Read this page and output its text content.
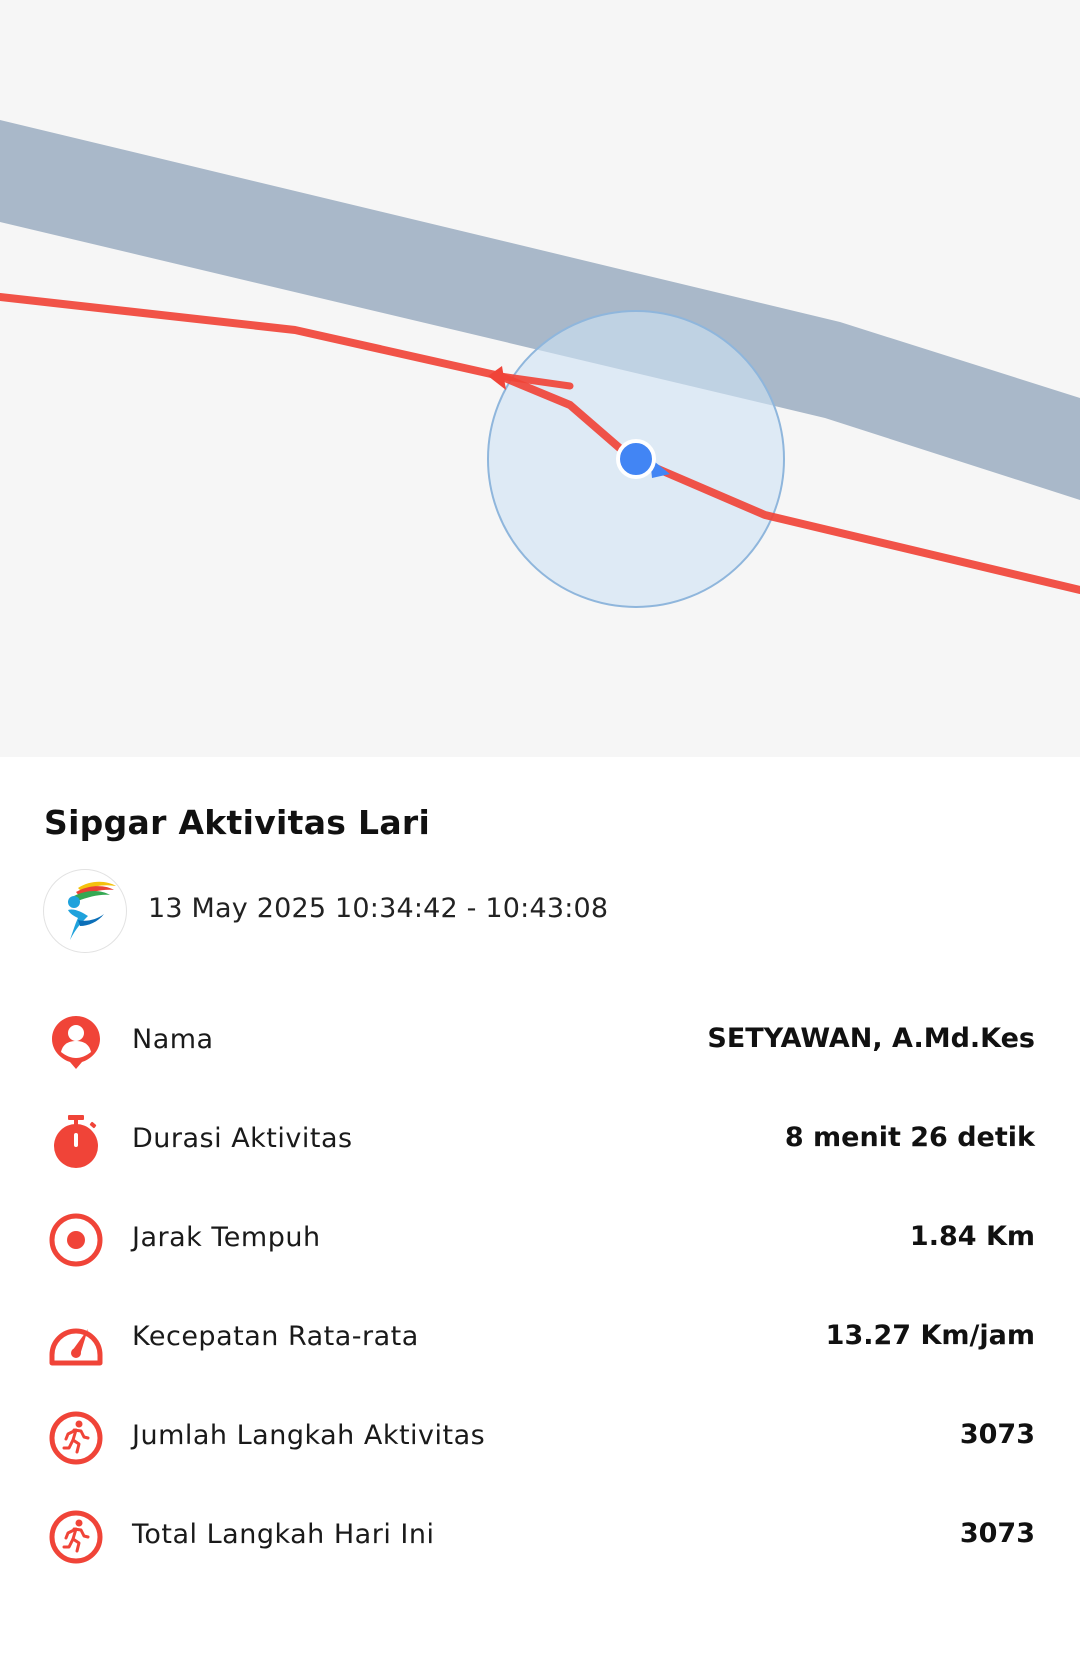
Sipgar Aktivitas Lari
13 May 2025 10:34:42 - 10:43:08
Nama	SETYAWAN, A.Md.Kes
Durasi Aktivitas	8 menit 26 detik
Jarak Tempuh	1.84 Km
Kecepatan Rata-rata	13.27 Km/jam
Jumlah Langkah Aktivitas	3073
Total Langkah Hari Ini	3073
